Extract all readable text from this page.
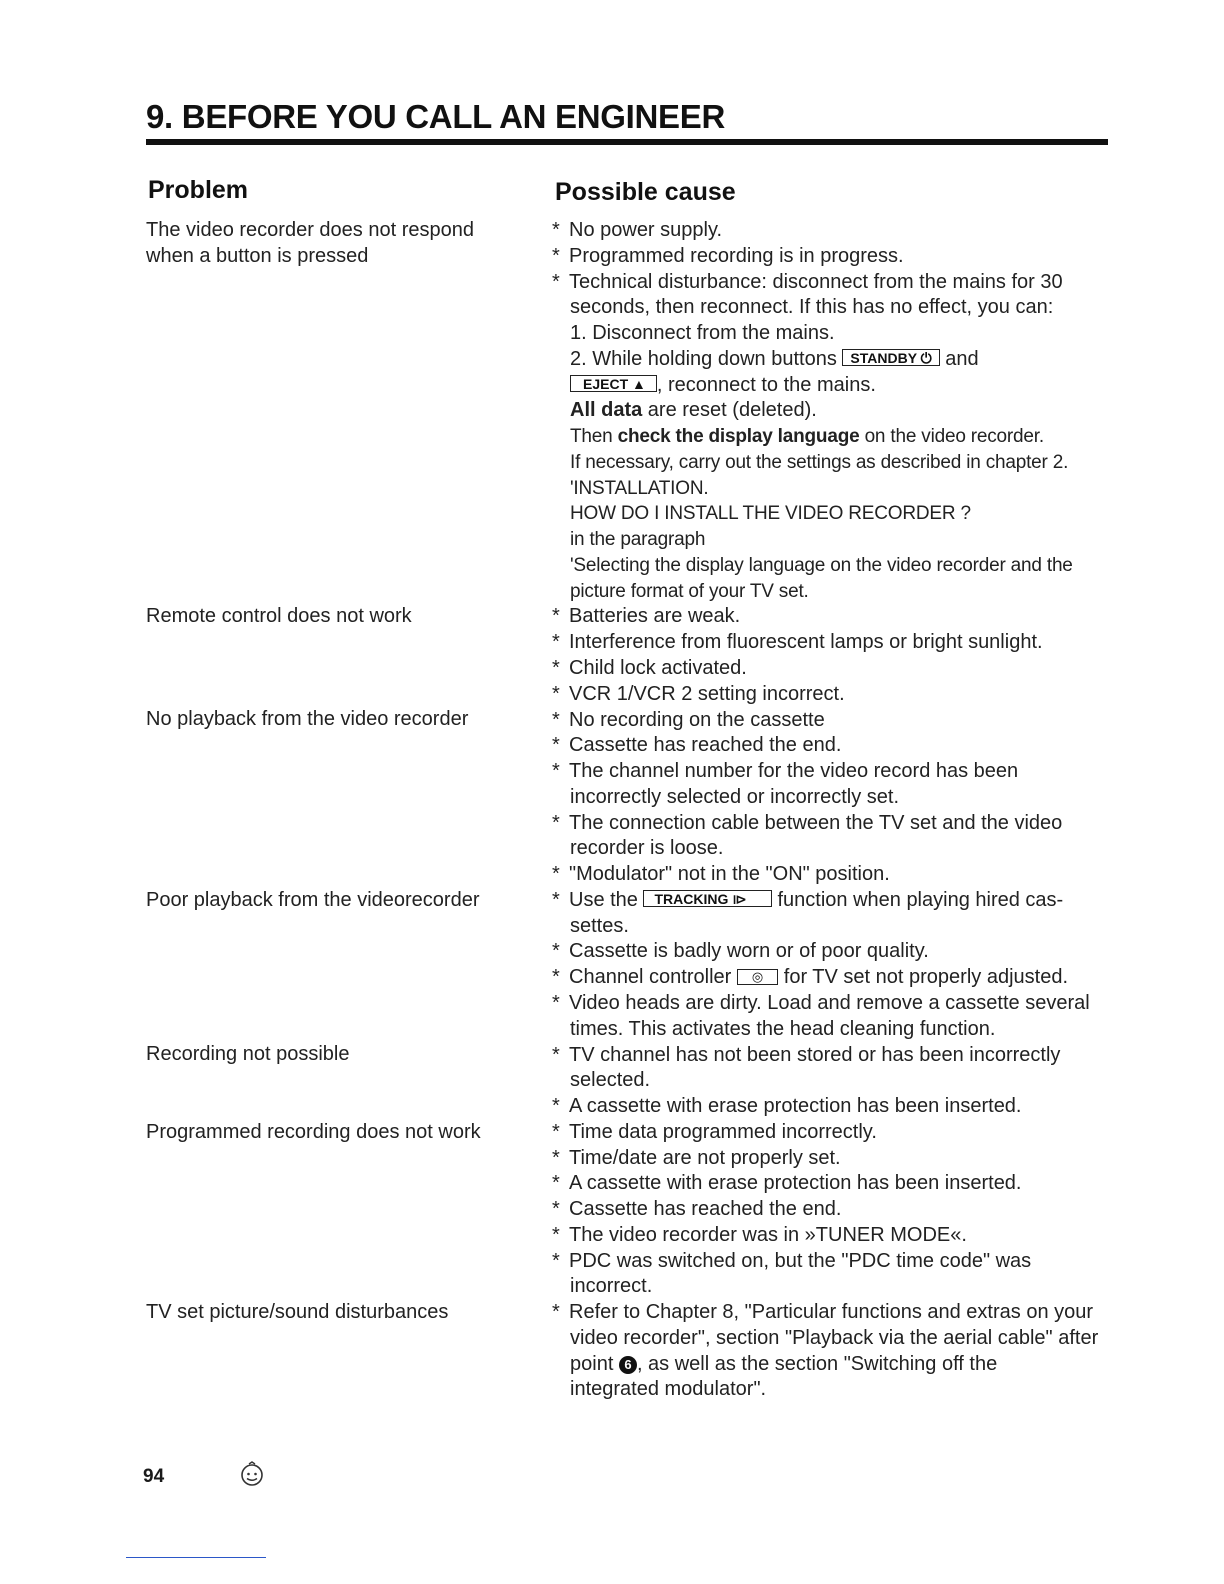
9. BEFORE YOU CALL AN ENGINEER
Problem	Possible cause
The video recorder does not respond when a button is pressed
Remote control does not work
No playback from the video recorder
Poor playback from the videorecorder
Recording not possible
Programmed recording does not work
TV set picture/sound disturbances
* No power supply.
* Programmed recording is in progress.
* Technical disturbance: disconnect from the mains for 30
seconds, then reconnect. If this has no effect, you can:
1. Disconnect from the mains.
2. While holding down buttons STANDBY ⏻ and
EJECT ▲ , reconnect to the mains.
All data are reset (deleted).
Then check the display language on the video recorder.
If necessary, carry out the settings as described in chapter 2.
'INSTALLATION.
HOW DO I INSTALL THE VIDEO RECORDER ?
in the paragraph
'Selecting the display language on the video recorder and the
picture format of your TV set.
* Batteries are weak.
* Interference from fluorescent lamps or bright sunlight.
* Child lock activated.
* VCR 1/VCR 2 setting incorrect.
* No recording on the cassette
* Cassette has reached the end.
* The channel number for the video record has been
incorrectly selected or incorrectly set.
* The connection cable between the TV set and the video
recorder is loose.
* "Modulator" not in the "ON" position.
* Use the TRACKING ⧐ function when playing hired cas-
settes.
* Cassette is badly worn or of poor quality.
* Channel controller ◎ for TV set not properly adjusted.
* Video heads are dirty. Load and remove a cassette several
times. This activates the head cleaning function.
* TV channel has not been stored or has been incorrectly
selected.
* A cassette with erase protection has been inserted.
* Time data programmed incorrectly.
* Time/date are not properly set.
* A cassette with erase protection has been inserted.
* Cassette has reached the end.
* The video recorder was in »TUNER MODE«.
* PDC was switched on, but the "PDC time code" was
incorrect.
* Refer to Chapter 8, "Particular functions and extras on your
video recorder", section "Playback via the aerial cable" after
point 6 , as well as the section "Switching off the
integrated modulator".
94
